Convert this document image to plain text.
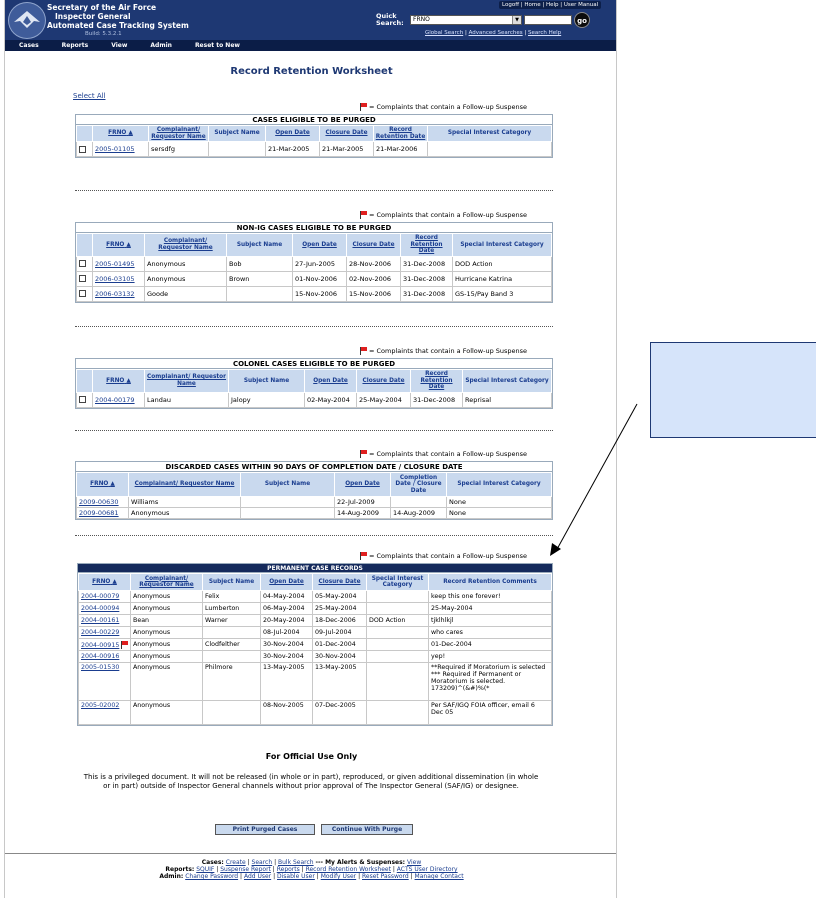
Secretary of the Air Force
Inspector General
Automated Case Tracking System
Build: 5.3.2.1
Logoff | Home | Help | User Manual
Quick
Search:	FRNO	▼	go
Global Search | Advanced Searches | Search Help
Cases	Reports	View	Admin	Reset to New
Record Retention Worksheet
Select All
= Complaints that contain a Follow-up Suspense
CASES ELIGIBLE TO BE PURGED
	FRNO ▲	Complainant/ Requestor Name	Subject Name	Open Date	Closure Date	Record Retention Date	Special Interest Category
	2005-01105	sersdfg		21-Mar-2005	21-Mar-2005	21-Mar-2006	
= Complaints that contain a Follow-up Suspense
NON-IG CASES ELIGIBLE TO BE PURGED
	FRNO ▲	Complainant/ Requestor Name	Subject Name	Open Date	Closure Date	Record Retention Date	Special Interest Category
	2005-01495	Anonymous	Bob	27-Jun-2005	28-Nov-2006	31-Dec-2008	DOD Action
	2006-03105	Anonymous	Brown	01-Nov-2006	02-Nov-2006	31-Dec-2008	Hurricane Katrina
	2006-03132	Goode		15-Nov-2006	15-Nov-2006	31-Dec-2008	GS-15/Pay Band 3
= Complaints that contain a Follow-up Suspense
COLONEL CASES ELIGIBLE TO BE PURGED
	FRNO ▲	Complainant/ Requestor Name	Subject Name	Open Date	Closure Date	Record Retention Date	Special Interest Category
	2004-00179	Landau	Jalopy	02-May-2004	25-May-2004	31-Dec-2008	Reprisal
= Complaints that contain a Follow-up Suspense
DISCARDED CASES WITHIN 90 DAYS OF COMPLETION DATE / CLOSURE DATE
FRNO ▲	Complainant/ Requestor Name	Subject Name	Open Date	Completion Date / Closure Date	Special Interest Category
2009-00630	Williams		22-Jul-2009		None
2009-00681	Anonymous		14-Aug-2009	14-Aug-2009	None
= Complaints that contain a Follow-up Suspense
PERMANENT CASE RECORDS
FRNO ▲	Complainant/ Requestor Name	Subject Name	Open Date	Closure Date	Special Interest Category	Record Retention Comments
2004-00079	Anonymous	Felix	04-May-2004	05-May-2004		keep this one forever!
2004-00094	Anonymous	Lumberton	06-May-2004	25-May-2004		25-May-2004
2004-00161	Bean	Warner	20-May-2004	18-Dec-2006	DOD Action	tjklhlkjl
2004-00229	Anonymous		08-Jul-2004	09-Jul-2004		who cares
2004-00915	Anonymous	Clodfelther	30-Nov-2004	01-Dec-2004		01-Dec-2004
2004-00916	Anonymous		30-Nov-2004	30-Nov-2004		yep!
2005-01530	Anonymous	Philmore	13-May-2005	13-May-2005		**Required if Moratorium is selected *** Required if Permanent or Moratorium is selected. 173209)^(&#)%(*
2005-02002	Anonymous		08-Nov-2005	07-Dec-2005		Per SAF/IGQ FOIA officer, email 6 Dec 05
For Official Use Only
This is a privileged document. It will not be released (in whole or in part), reproduced, or given additional dissemination (in whole or in part) outside of Inspector General channels without prior approval of The Inspector General (SAF/IG) or designee.
Print Purged Cases	Continue With Purge
Cases: Create | Search | Bulk Search --- My Alerts & Suspenses: View
Reports: SQUIF | Suspense Report | Reports | Record Retention Worksheet | ACTS User Directory
Admin: Change Password | Add User | Disable User | Modify User | Reset Password | Manage Contact
